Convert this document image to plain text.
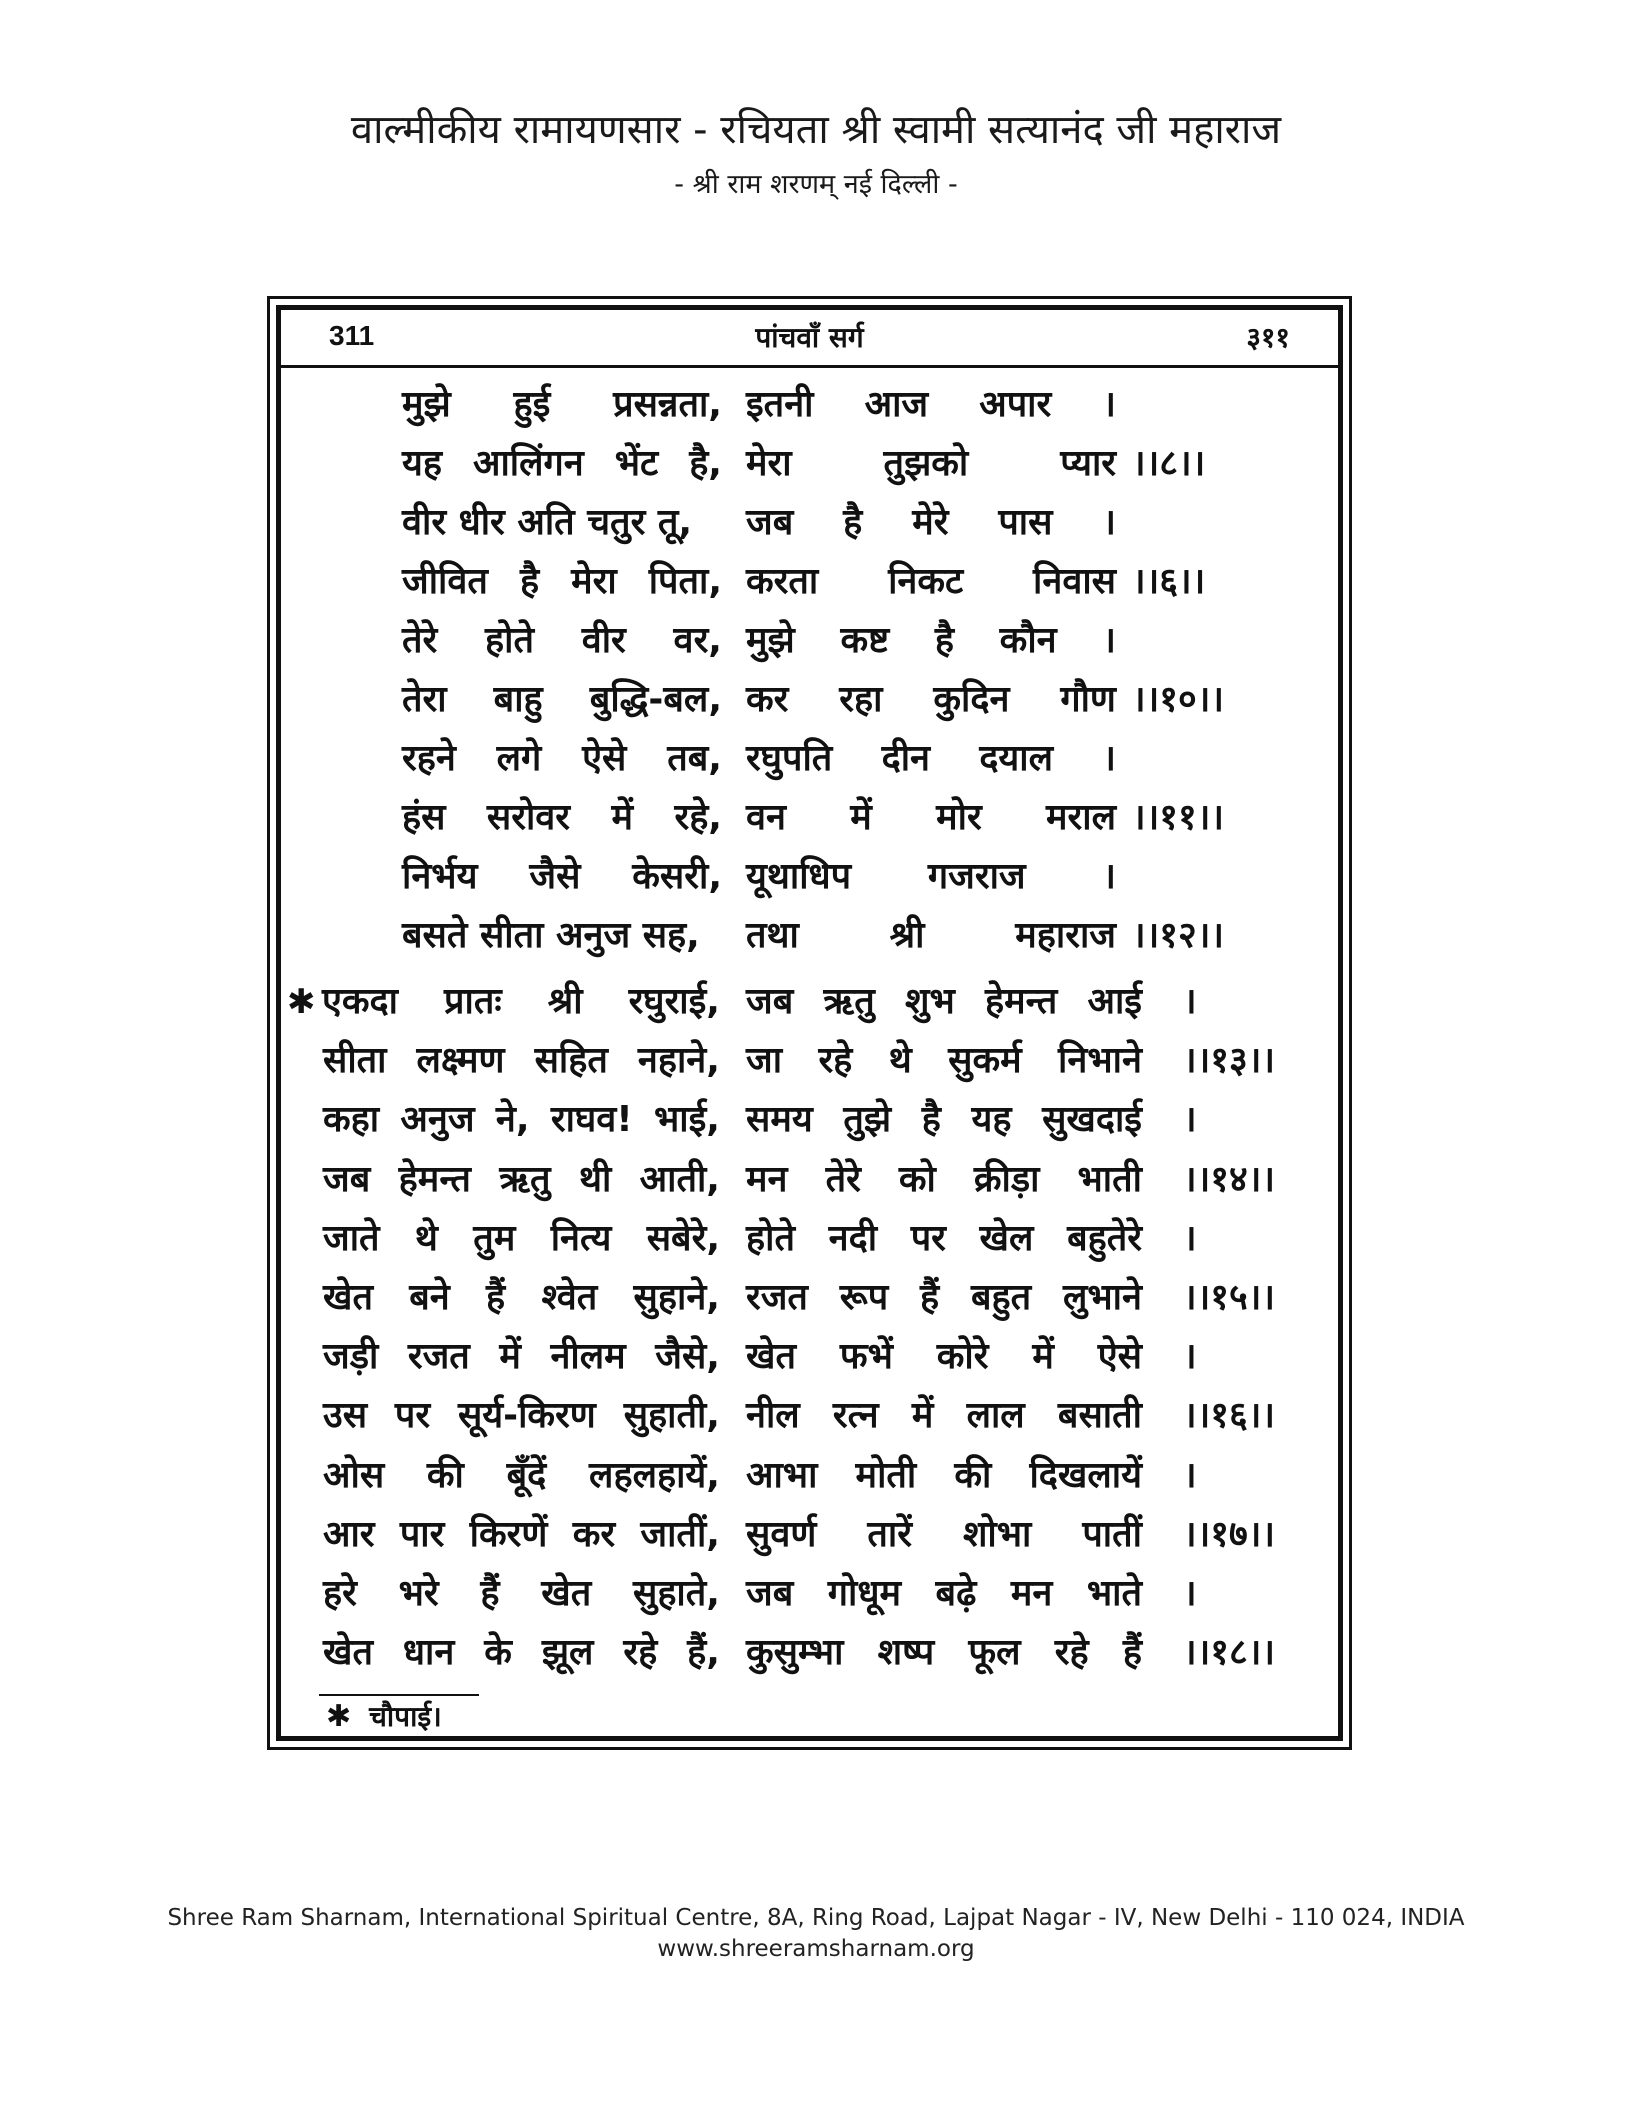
वाल्मीकीय रामायणसार - रचियता श्री स्वामी सत्यानंद जी महाराज
- श्री राम शरणम् नई दिल्ली -
311	पांचवाँ सर्ग	३११
मुझे हुई प्रसन्नता, इतनी आज अपार ।
यह आलिंगन भेंट है, मेरा	तुझको	प्यार ।।८।।
वीर धीर अति चतुर तू, जब है मेरे पास ।
जीवित है मेरा पिता, करता निकट निवास ।।६।।
तेरे होते वीर वर, मुझे कष्ट है कौन ।
तेरा बाहु बुद्धि-बल, कर रहा कुदिन गौण ।।१०।।
रहने लगे ऐसे तब, रघुपति दीन दयाल ।
हंस सरोवर में रहे, वन में मोर मराल ।।११।।
निर्भय जैसे केसरी, यूथाधिप गजराज ।
बसते सीता अनुज सह, तथा	श्री	महाराज ।।१२।।
✱ एकदा प्रातः श्री रघुराई, जब ऋतु शुभ हेमन्त आई ।
सीता लक्ष्मण सहित नहाने, जा रहे थे सुकर्म निभाने ।।१३।।
कहा अनुज ने, राघव! भाई, समय तुझे है यह सुखदाई ।
जब हेमन्त ऋतु थी आती, मन तेरे को क्रीड़ा भाती ।।१४।।
जाते थे तुम नित्य सबेरे, होते नदी पर खेल बहुतेरे ।
खेत बने हैं श्वेत सुहाने, रजत रूप हैं बहुत लुभाने ।।१५।।
जड़ी रजत में नीलम जैसे, खेत फभें कोरे में ऐसे ।
उस पर सूर्य-किरण सुहाती, नील रत्न में लाल बसाती ।।१६।।
ओस की बूँदें लहलहायें, आभा मोती की दिखलायें ।
आर पार किरणें कर जातीं, सुवर्ण तारें शोभा पातीं ।।१७।।
हरे भरे हैं खेत सुहाते, जब गोधूम बढ़े मन भाते ।
खेत धान के झूल रहे हैं, कुसुम्भा शष्प फूल रहे हैं ।।१८।।
✱ चौपाई।
Shree Ram Sharnam, International Spiritual Centre, 8A, Ring Road, Lajpat Nagar - IV, New Delhi - 110 024, INDIA
www.shreeramsharnam.org
